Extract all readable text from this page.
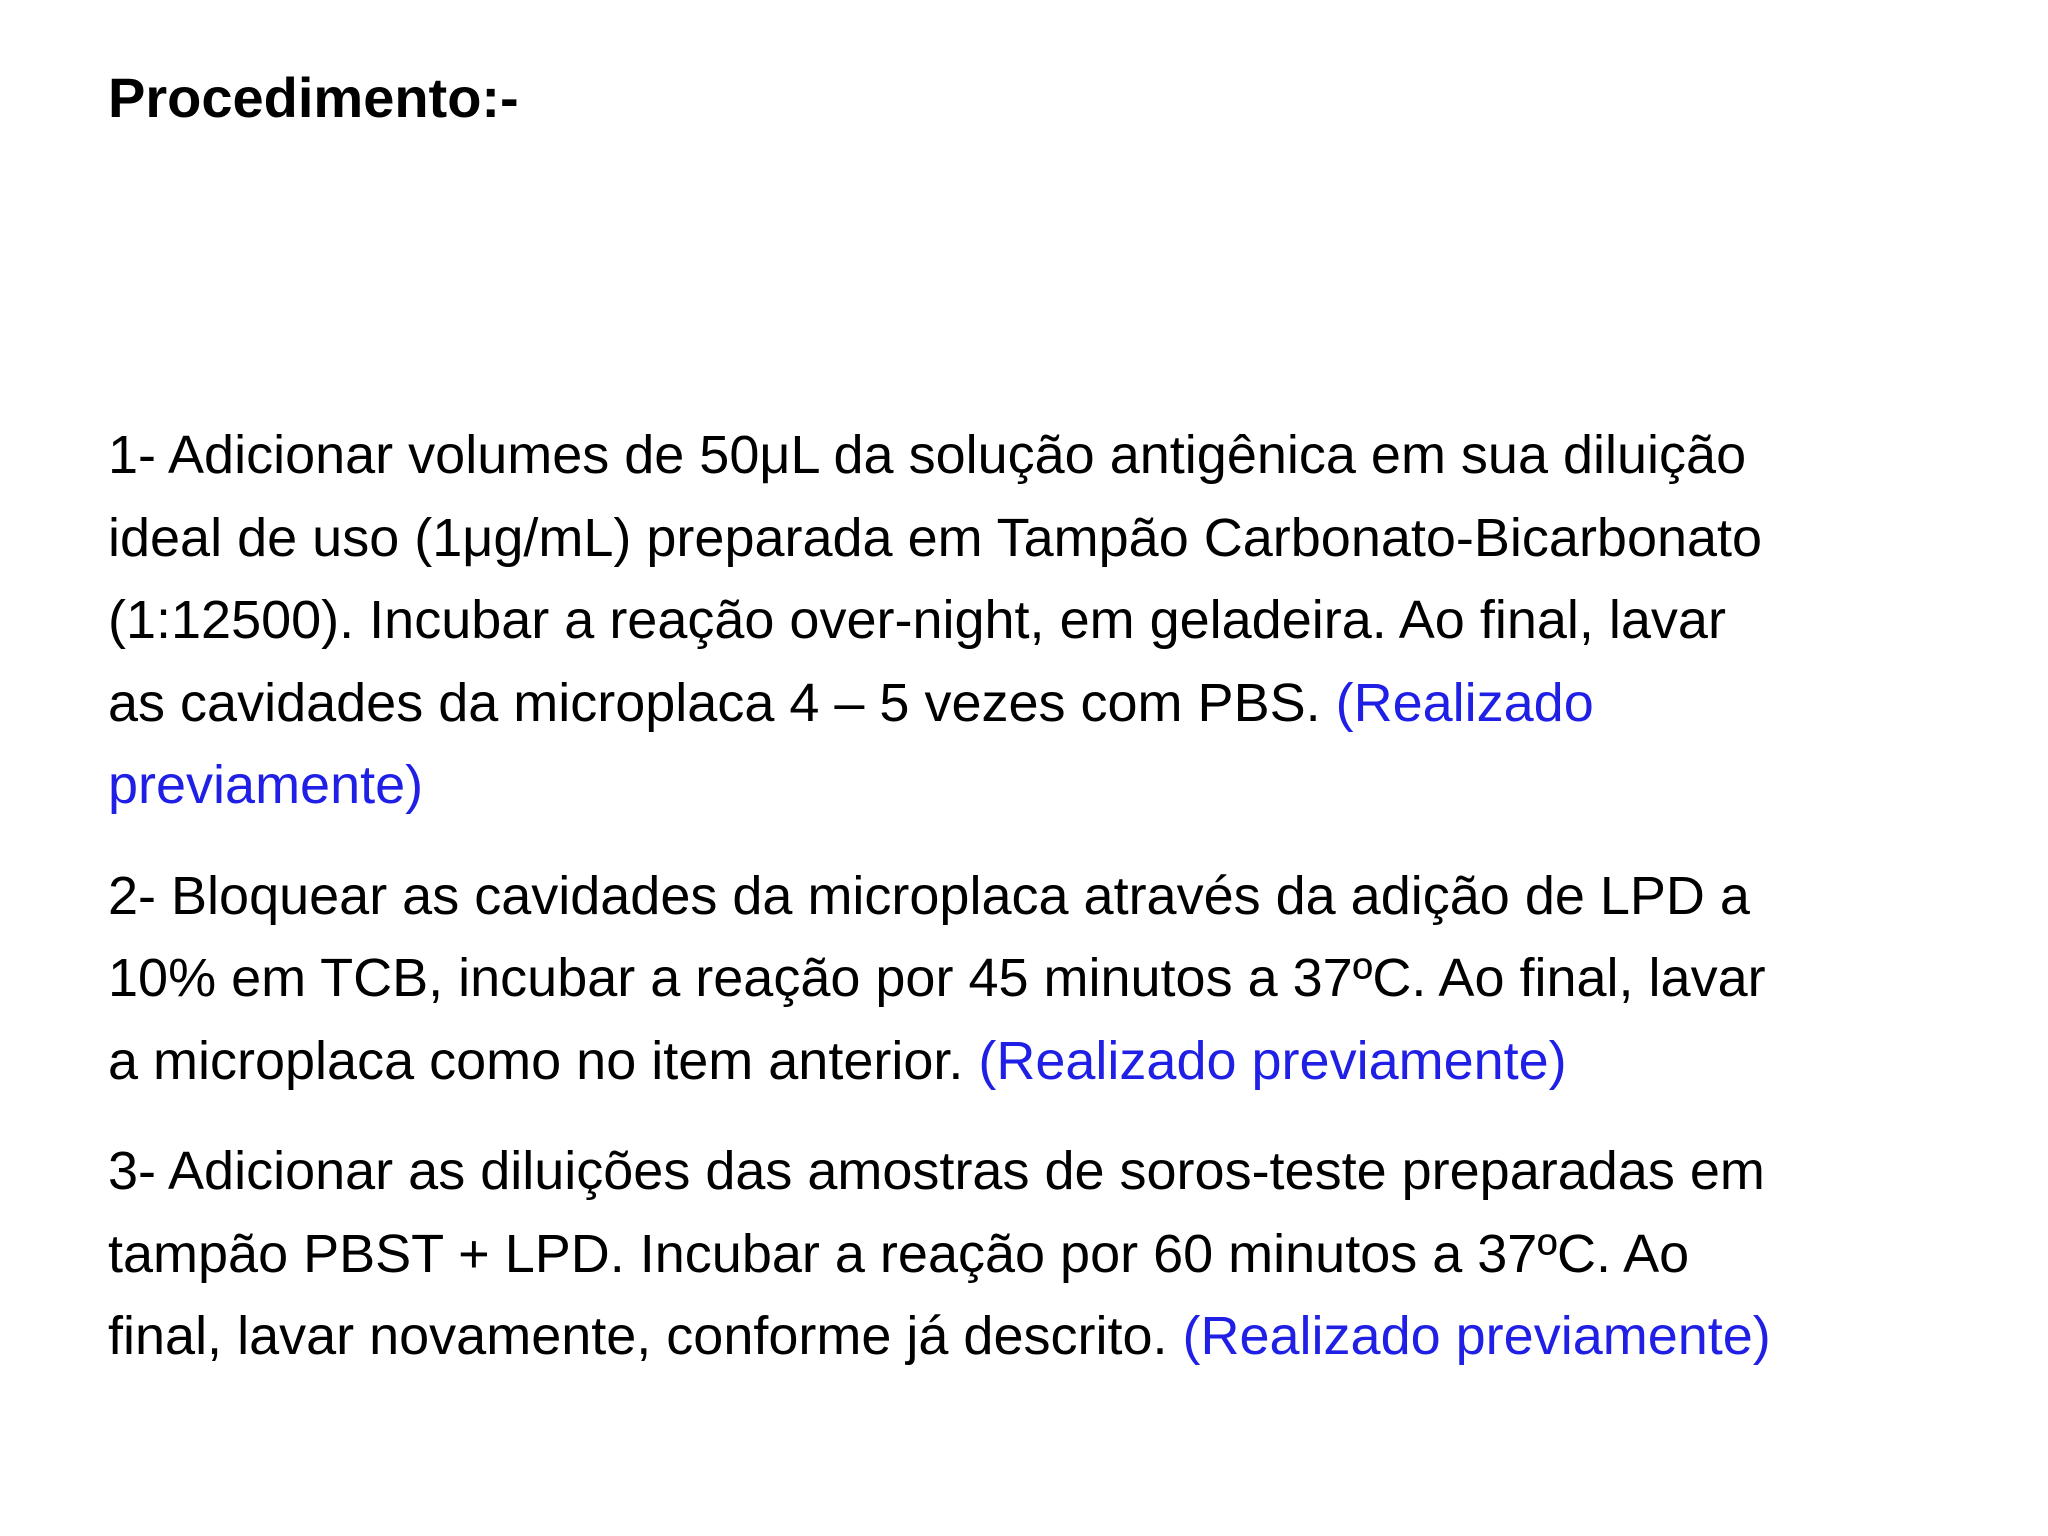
Procedimento:-
1- Adicionar volumes de 50μL da solução antigênica em sua diluição
ideal de uso (1μg/mL) preparada em Tampão Carbonato-Bicarbonato
(1:12500). Incubar a reação over-night, em geladeira. Ao final, lavar
as cavidades da microplaca 4 – 5 vezes com PBS. (Realizado
previamente)
2- Bloquear as cavidades da microplaca através da adição de LPD a
10% em TCB, incubar a reação por 45 minutos a 37ºC. Ao final, lavar
a microplaca como no item anterior. (Realizado previamente)
3- Adicionar as diluições das amostras de soros-teste preparadas em
tampão PBST + LPD. Incubar a reação por 60 minutos a 37ºC. Ao
final, lavar novamente, conforme já descrito. (Realizado previamente)
